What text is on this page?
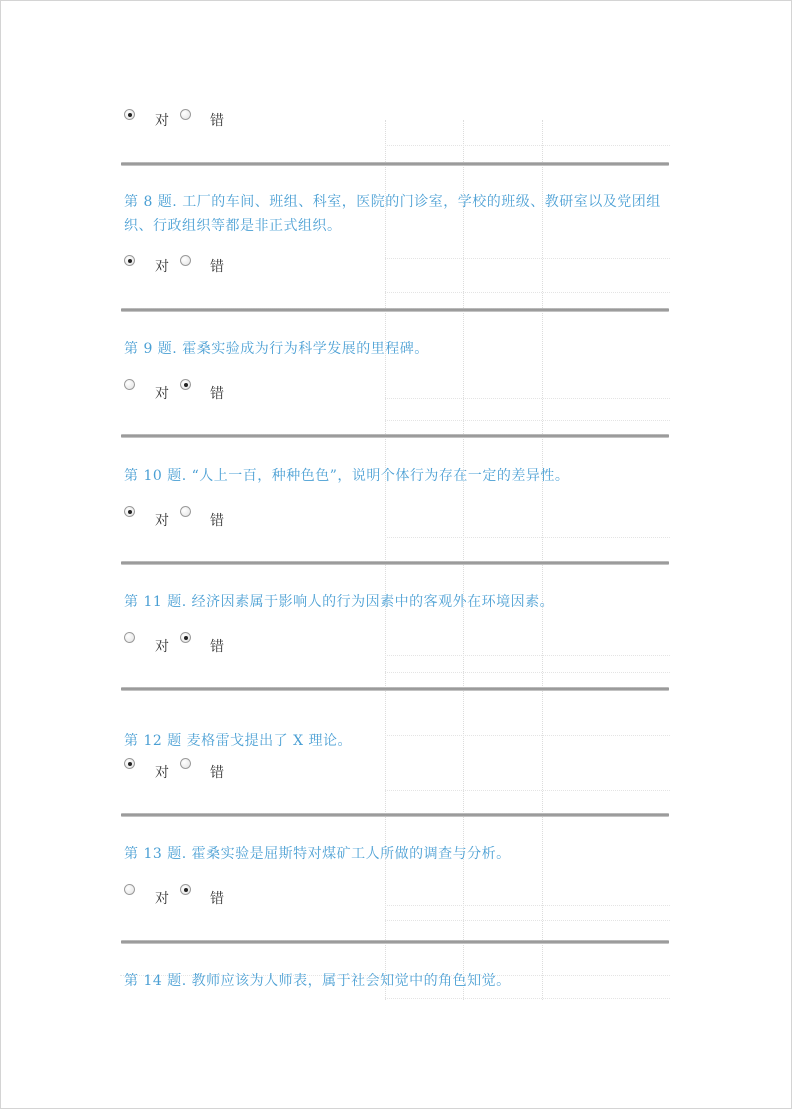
对	错
第 8 题. 工厂的车间、班组、科室，医院的门诊室，学校的班级、教研室以及党团组织、行政组织等都是非正式组织。
对	错
第 9 题. 霍桑实验成为行为科学发展的里程碑。
对	错
第 10 题. “人上一百，种种色色”，说明个体行为存在一定的差异性。
对	错
第 11 题. 经济因素属于影响人的行为因素中的客观外在环境因素。
对	错
第 12 题 麦格雷戈提出了 X 理论。
对	错
第 13 题. 霍桑实验是屈斯特对煤矿工人所做的调查与分析。
对	错
第 14 题. 教师应该为人师表，属于社会知觉中的角色知觉。
